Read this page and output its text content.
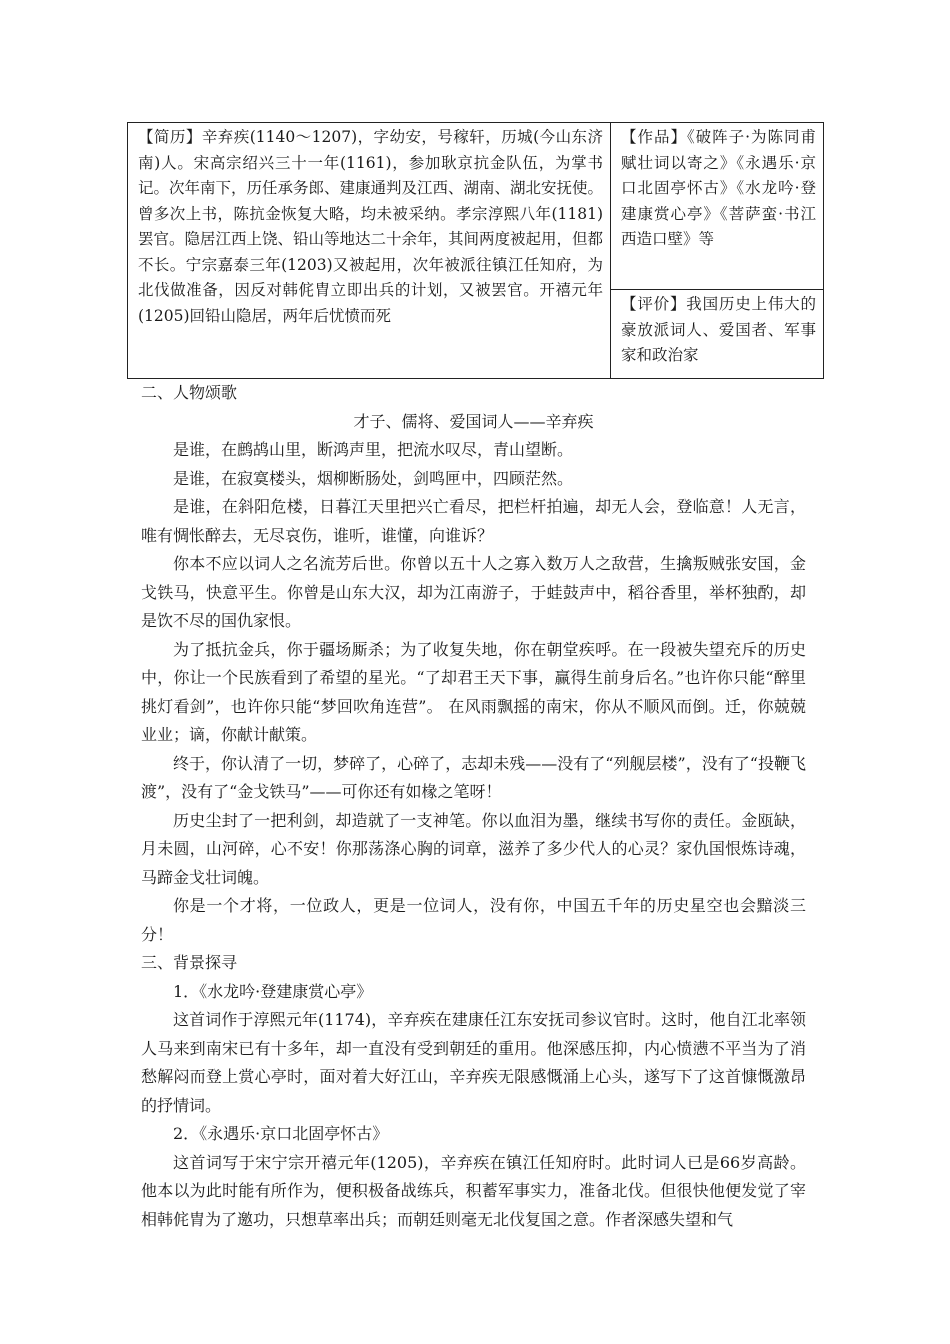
【简历】辛弃疾(1140～1207)，字幼安，号稼轩，历城(今山东济南)人。宋高宗绍兴三十一年(1161)，参加耿京抗金队伍，为掌书记。次年南下，历任承务郎、建康通判及江西、湖南、湖北安抚使。曾多次上书，陈抗金恢复大略，均未被采纳。孝宗淳熙八年(1181)罢官。隐居江西上饶、铅山等地达二十余年，其间两度被起用，但都不长。宁宗嘉泰三年(1203)又被起用，次年被派往镇江任知府，为北伐做准备，因反对韩侂胄立即出兵的计划，又被罢官。开禧元年(1205)回铅山隐居，两年后忧愤而死	【作品】《破阵子·为陈同甫赋壮词以寄之》《永遇乐·京口北固亭怀古》《水龙吟·登建康赏心亭》《菩萨蛮·书江西造口壁》等
【评价】我国历史上伟大的豪放派词人、爱国者、军事家和政治家

二、人物颂歌

才子、儒将、爱国词人——辛弃疾

是谁，在鹧鸪山里，断鸿声里，把流水叹尽，青山望断。

是谁，在寂寞楼头，烟柳断肠处，剑鸣匣中，四顾茫然。

是谁，在斜阳危楼，日暮江天里把兴亡看尽，把栏杆拍遍，却无人会，登临意！人无言，唯有惆怅醉去，无尽哀伤，谁听，谁懂，向谁诉？

你本不应以词人之名流芳后世。你曾以五十人之寡入数万人之敌营，生擒叛贼张安国，金戈铁马，快意平生。你曾是山东大汉，却为江南游子，于蛙鼓声中，稻谷香里，举杯独酌，却是饮不尽的国仇家恨。

为了抵抗金兵，你于疆场厮杀；为了收复失地，你在朝堂疾呼。在一段被失望充斥的历史中，你让一个民族看到了希望的星光。“了却君王天下事，赢得生前身后名。”也许你只能“醉里挑灯看剑”，也许你只能“梦回吹角连营”。 在风雨飘摇的南宋，你从不顺风而倒。迁，你兢兢业业；谪，你献计献策。

终于，你认清了一切，梦碎了，心碎了，志却未残——没有了“列舰层楼”，没有了“投鞭飞渡”，没有了“金戈铁马”——可你还有如椽之笔呀！

历史尘封了一把利剑，却造就了一支神笔。你以血泪为墨，继续书写你的责任。金瓯缺，月未圆，山河碎，心不安！你那荡涤心胸的词章，滋养了多少代人的心灵？家仇国恨炼诗魂，马蹄金戈壮词魄。

你是一个才将，一位政人，更是一位词人，没有你，中国五千年的历史星空也会黯淡三分！

三、背景探寻

1．《水龙吟·登建康赏心亭》

这首词作于淳熙元年(1174)，辛弃疾在建康任江东安抚司参议官时。这时，他自江北率领人马来到南宋已有十多年，却一直没有受到朝廷的重用。他深感压抑，内心愤懑不平当为了消愁解闷而登上赏心亭时，面对着大好江山，辛弃疾无限感慨涌上心头，遂写下了这首慷慨激昂的抒情词。

2．《永遇乐·京口北固亭怀古》

这首词写于宋宁宗开禧元年(1205)，辛弃疾在镇江任知府时。此时词人已是66岁高龄。他本以为此时能有所作为，便积极备战练兵，积蓄军事实力，准备北伐。但很快他便发觉了宰相韩侂胄为了邀功，只想草率出兵；而朝廷则毫无北伐复国之意。作者深感失望和气
